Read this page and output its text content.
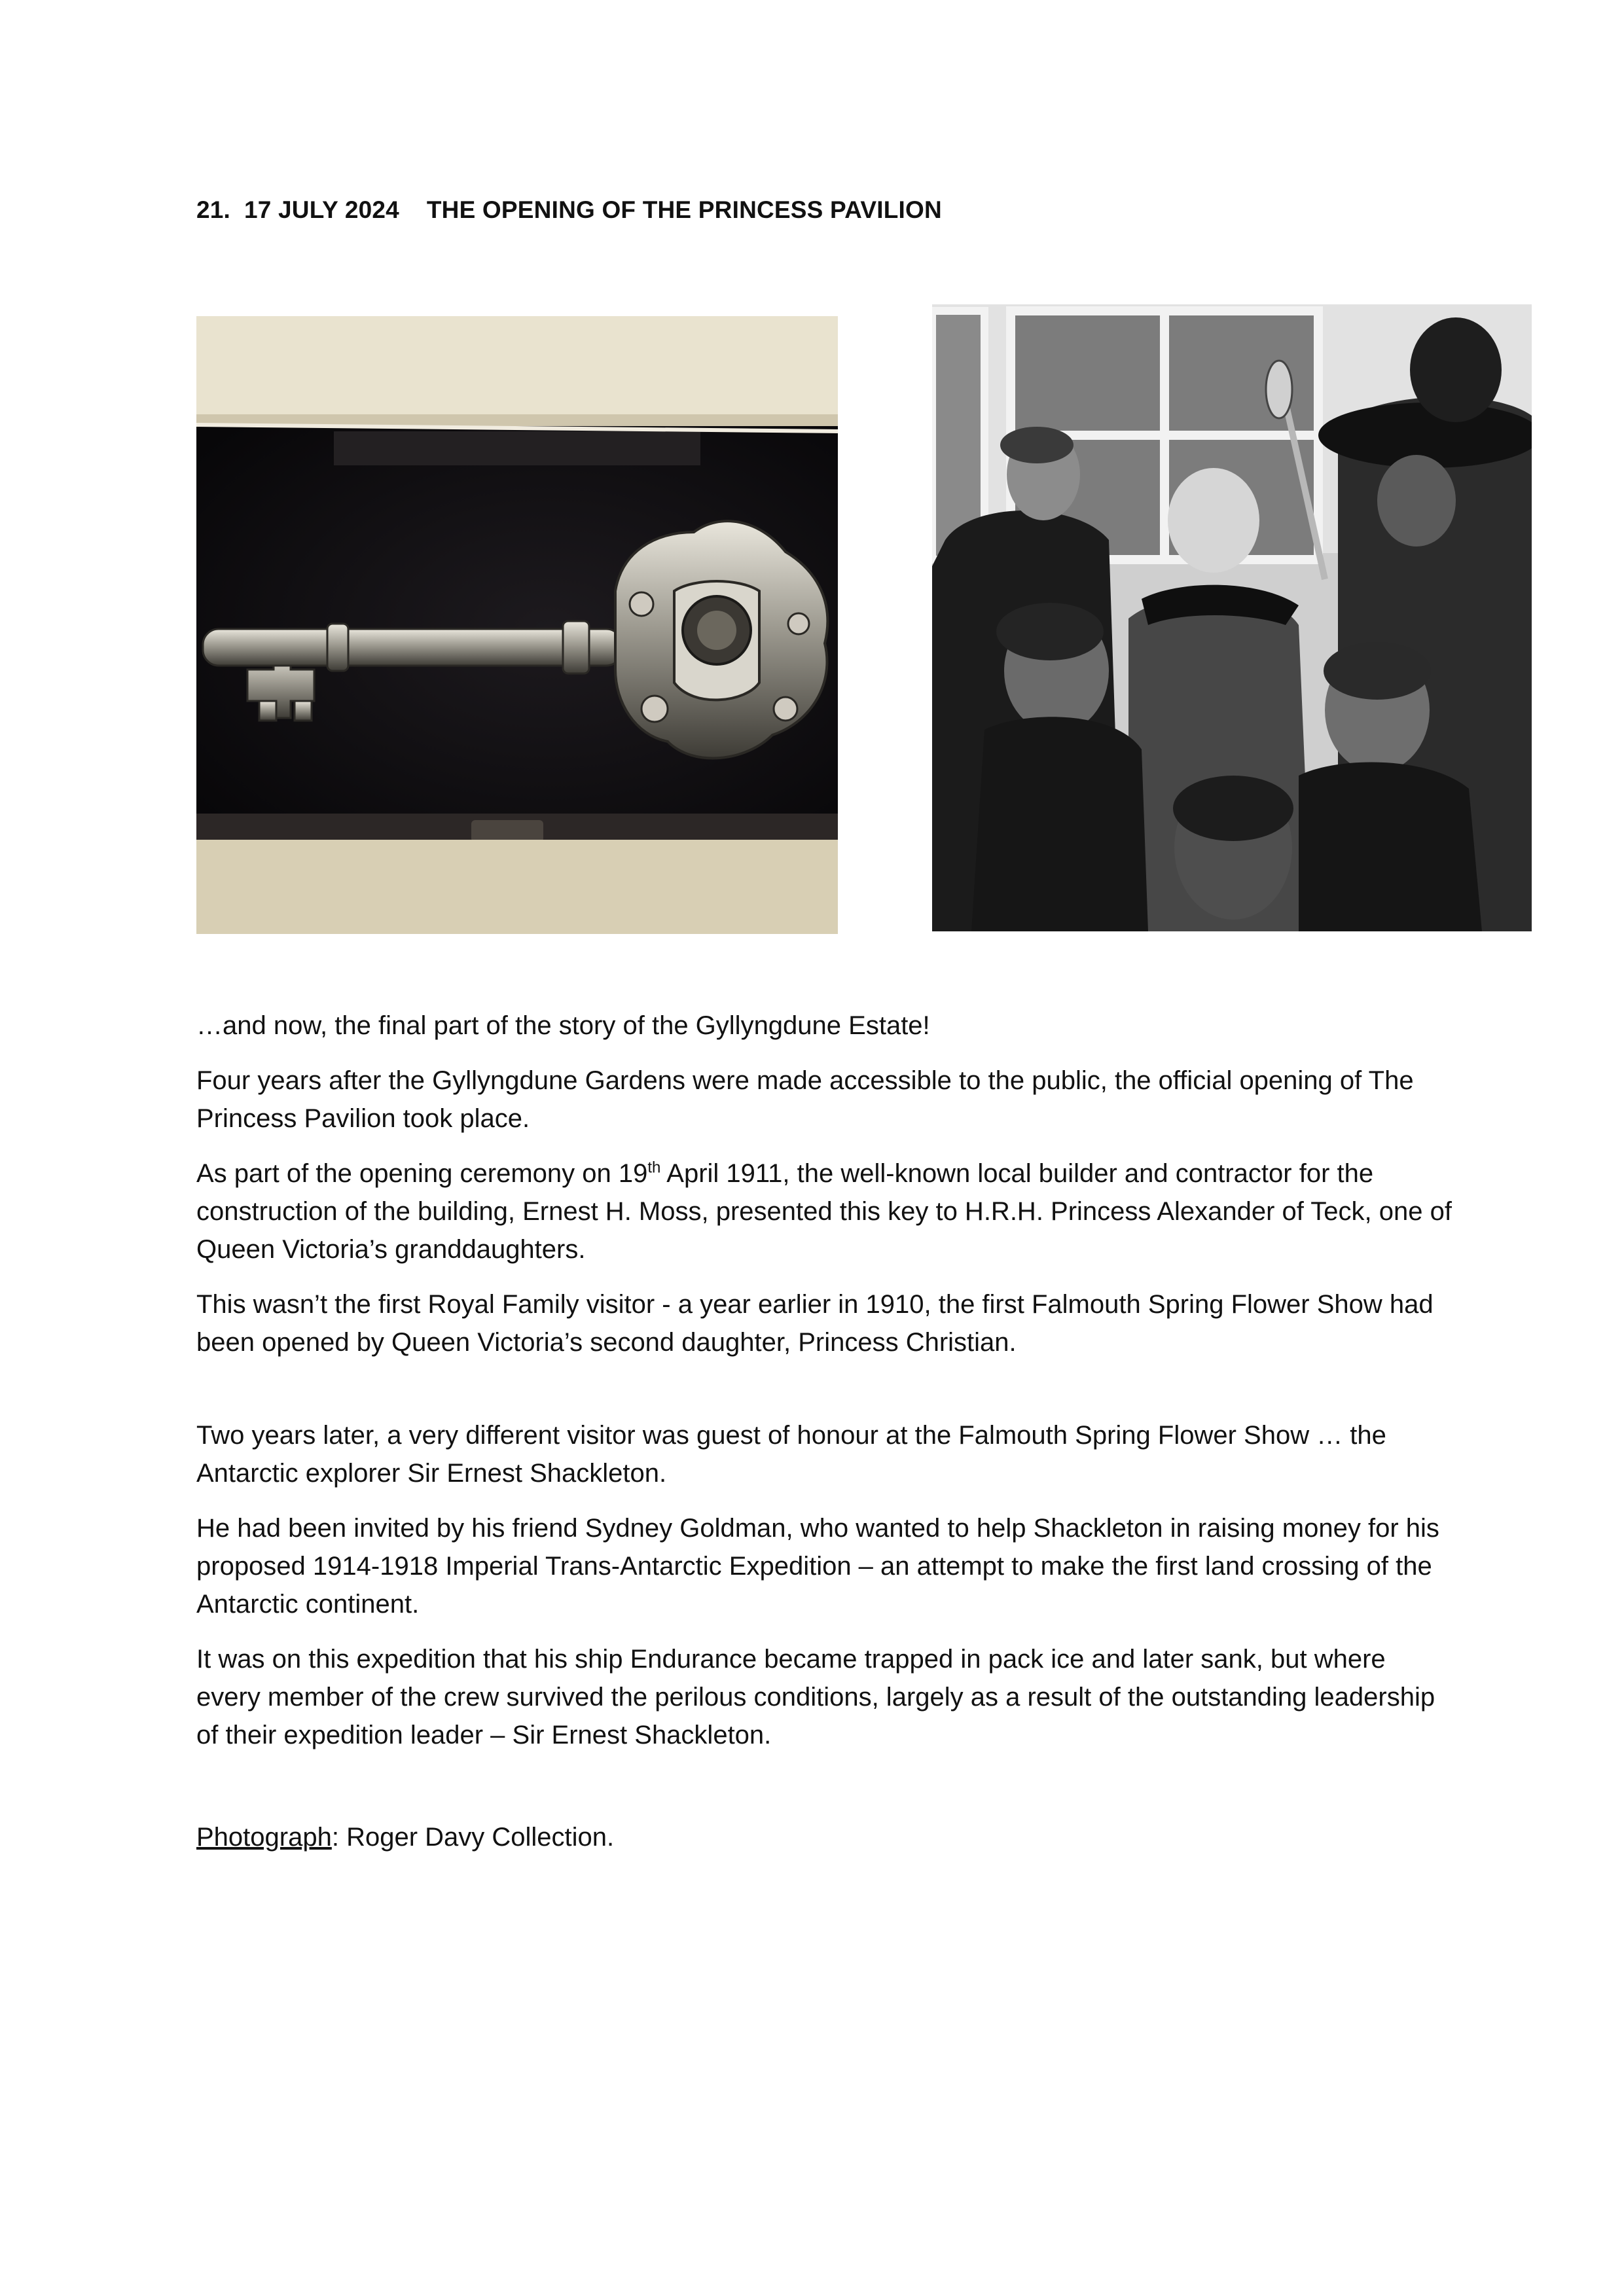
21.  17 JULY 2024    THE OPENING OF THE PRINCESS PAVILION

…and now, the final part of the story of the Gyllyngdune Estate!

Four years after the Gyllyngdune Gardens were made accessible to the public, the official opening of The Princess Pavilion took place.

As part of the opening ceremony on 19th April 1911, the well-known local builder and contractor for the construction of the building, Ernest H. Moss, presented this key to H.R.H. Princess Alexander of Teck, one of Queen Victoria’s granddaughters.

This wasn’t the first Royal Family visitor - a year earlier in 1910, the first Falmouth Spring Flower Show had been opened by Queen Victoria’s second daughter, Princess Christian.

Two years later, a very different visitor was guest of honour at the Falmouth Spring Flower Show … the Antarctic explorer Sir Ernest Shackleton.

He had been invited by his friend Sydney Goldman, who wanted to help Shackleton in raising money for his proposed 1914-1918 Imperial Trans-Antarctic Expedition – an attempt to make the first land crossing of the Antarctic continent.

It was on this expedition that his ship Endurance became trapped in pack ice and later sank, but where every member of the crew survived the perilous conditions, largely as a result of the outstanding leadership of their expedition leader – Sir Ernest Shackleton.

Photograph: Roger Davy Collection.
